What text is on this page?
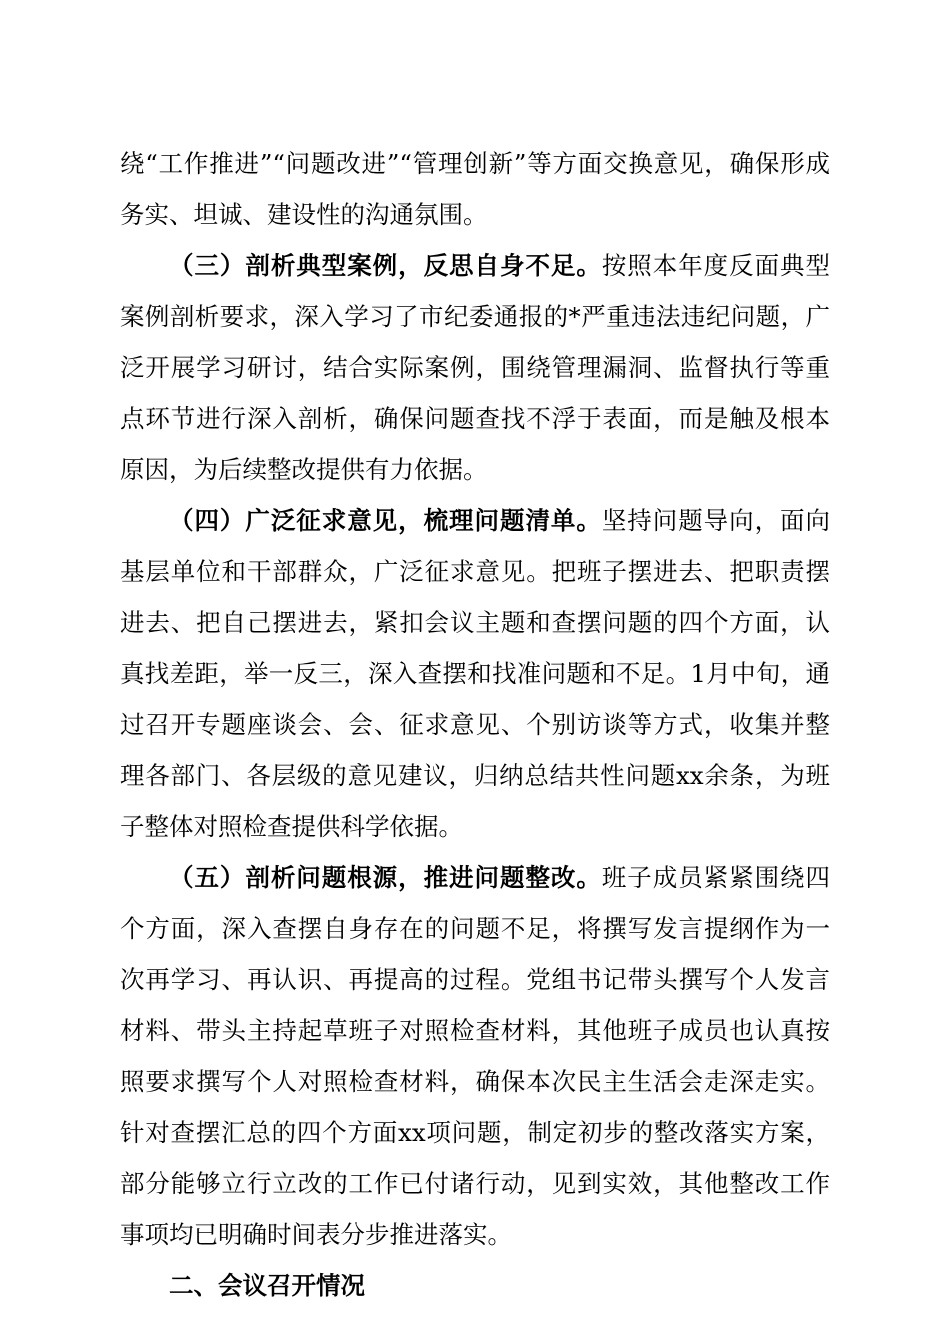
绕“工作推进”“问题改进”“管理创新”等方面交换意见，确保形成务实、坦诚、建设性的沟通氛围。

（三）剖析典型案例，反思自身不足。按照本年度反面典型案例剖析要求，深入学习了市纪委通报的*严重违法违纪问题，广泛开展学习研讨，结合实际案例，围绕管理漏洞、监督执行等重点环节进行深入剖析，确保问题查找不浮于表面，而是触及根本原因，为后续整改提供有力依据。

（四）广泛征求意见，梳理问题清单。坚持问题导向，面向基层单位和干部群众，广泛征求意见。把班子摆进去、把职责摆进去、把自己摆进去，紧扣会议主题和查摆问题的四个方面，认真找差距，举一反三，深入查摆和找准问题和不足。1月中旬，通过召开专题座谈会、会、征求意见、个别访谈等方式，收集并整理各部门、各层级的意见建议，归纳总结共性问题xx余条，为班子整体对照检查提供科学依据。

（五）剖析问题根源，推进问题整改。班子成员紧紧围绕四个方面，深入查摆自身存在的问题不足，将撰写发言提纲作为一次再学习、再认识、再提高的过程。党组书记带头撰写个人发言材料、带头主持起草班子对照检查材料，其他班子成员也认真按照要求撰写个人对照检查材料，确保本次民主生活会走深走实。针对查摆汇总的四个方面xx项问题，制定初步的整改落实方案，部分能够立行立改的工作已付诸行动，见到实效，其他整改工作事项均已明确时间表分步推进落实。

二、会议召开情况
